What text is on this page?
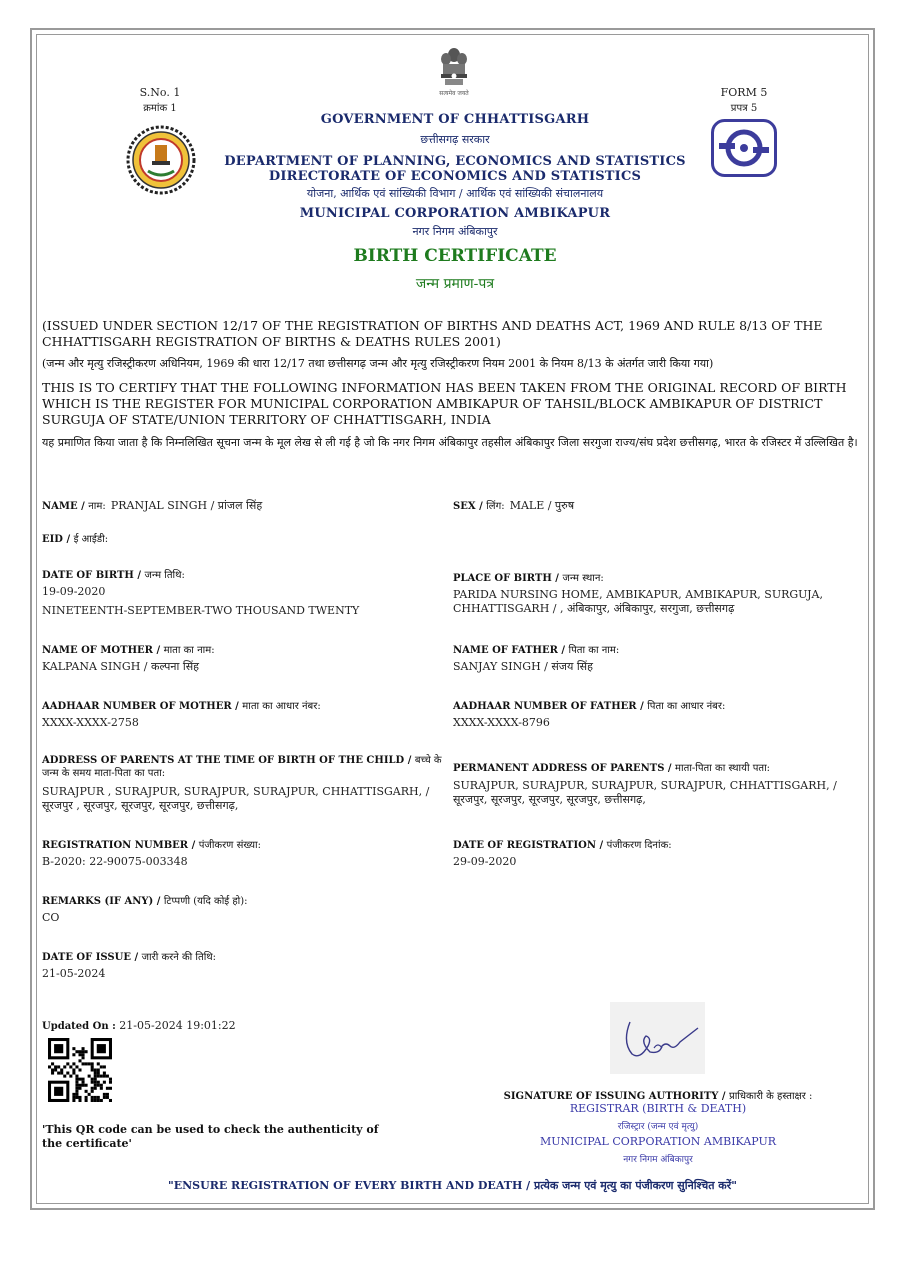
सत्यमेव जयते
S.No. 1
क्रमांक 1
FORM 5
प्रपत्र 5
GOVERNMENT OF CHHATTISGARH
छत्तीसगढ़ सरकार
DEPARTMENT OF PLANNING, ECONOMICS AND STATISTICS
DIRECTORATE OF ECONOMICS AND STATISTICS
योजना, आर्थिक एवं सांख्यिकी विभाग / आर्थिक एवं सांख्यिकी संचालनालय
MUNICIPAL CORPORATION AMBIKAPUR
नगर निगम अंबिकापुर
BIRTH CERTIFICATE
जन्म प्रमाण-पत्र
(ISSUED UNDER SECTION 12/17 OF THE REGISTRATION OF BIRTHS AND DEATHS ACT, 1969 AND RULE 8/13 OF THE CHHATTISGARH REGISTRATION OF BIRTHS & DEATHS RULES 2001)
(जन्म और मृत्यु रजिस्ट्रीकरण अधिनियम, 1969 की धारा 12/17 तथा छत्तीसगढ़ जन्म और मृत्यु रजिस्ट्रीकरण नियम 2001 के नियम 8/13 के अंतर्गत जारी किया गया)
THIS IS TO CERTIFY THAT THE FOLLOWING INFORMATION HAS BEEN TAKEN FROM THE ORIGINAL RECORD OF BIRTH WHICH IS THE REGISTER FOR MUNICIPAL CORPORATION AMBIKAPUR OF TAHSIL/BLOCK AMBIKAPUR OF DISTRICT SURGUJA OF STATE/UNION TERRITORY OF CHHATTISGARH, INDIA
यह प्रमाणित किया जाता है कि निम्नलिखित सूचना जन्म के मूल लेख से ली गई है जो कि नगर निगम अंबिकापुर तहसील अंबिकापुर जिला सरगुजा राज्य/संघ प्रदेश छत्तीसगढ़, भारत के रजिस्टर में उल्लिखित है।
NAME / नाम: PRANJAL SINGH / प्रांजल सिंह
EID / ई आईडी:
DATE OF BIRTH / जन्म तिथि:
19-09-2020
NINETEENTH-SEPTEMBER-TWO THOUSAND TWENTY
NAME OF MOTHER / माता का नाम:
KALPANA SINGH / कल्पना सिंह
AADHAAR NUMBER OF MOTHER / माता का आधार नंबर:
XXXX-XXXX-2758
ADDRESS OF PARENTS AT THE TIME OF BIRTH OF THE CHILD / बच्चे के जन्म के समय माता-पिता का पता:
SURAJPUR , SURAJPUR, SURAJPUR, SURAJPUR, CHHATTISGARH, / सूरजपुर , सूरजपुर, सूरजपुर, सूरजपुर, छत्तीसगढ़,
REGISTRATION NUMBER / पंजीकरण संख्या:
B-2020: 22-90075-003348
REMARKS (IF ANY) / टिप्पणी (यदि कोई हो):
CO
DATE OF ISSUE / जारी करने की तिथि:
21-05-2024
SEX / लिंग: MALE / पुरुष
PLACE OF BIRTH / जन्म स्थान:
PARIDA NURSING HOME, AMBIKAPUR, AMBIKAPUR, SURGUJA, CHHATTISGARH / , अंबिकापुर, अंबिकापुर, सरगुजा, छत्तीसगढ़
NAME OF FATHER / पिता का नाम:
SANJAY SINGH / संजय सिंह
AADHAAR NUMBER OF FATHER / पिता का आधार नंबर:
XXXX-XXXX-8796
PERMANENT ADDRESS OF PARENTS / माता-पिता का स्थायी पता:
SURAJPUR, SURAJPUR, SURAJPUR, SURAJPUR, CHHATTISGARH, / सूरजपुर, सूरजपुर, सूरजपुर, सूरजपुर, छत्तीसगढ़,
DATE OF REGISTRATION / पंजीकरण दिनांक:
29-09-2020
Updated On : 21-05-2024 19:01:22
'This QR code can be used to check the authenticity of the certificate'
SIGNATURE OF ISSUING AUTHORITY / प्राधिकारी के हस्ताक्षर :
REGISTRAR (BIRTH & DEATH)
रजिस्ट्रार (जन्म एवं मृत्यु)
MUNICIPAL CORPORATION AMBIKAPUR
नगर निगम अंबिकापुर
"ENSURE REGISTRATION OF EVERY BIRTH AND DEATH / प्रत्येक जन्म एवं मृत्यु का पंजीकरण सुनिश्चित करें"
